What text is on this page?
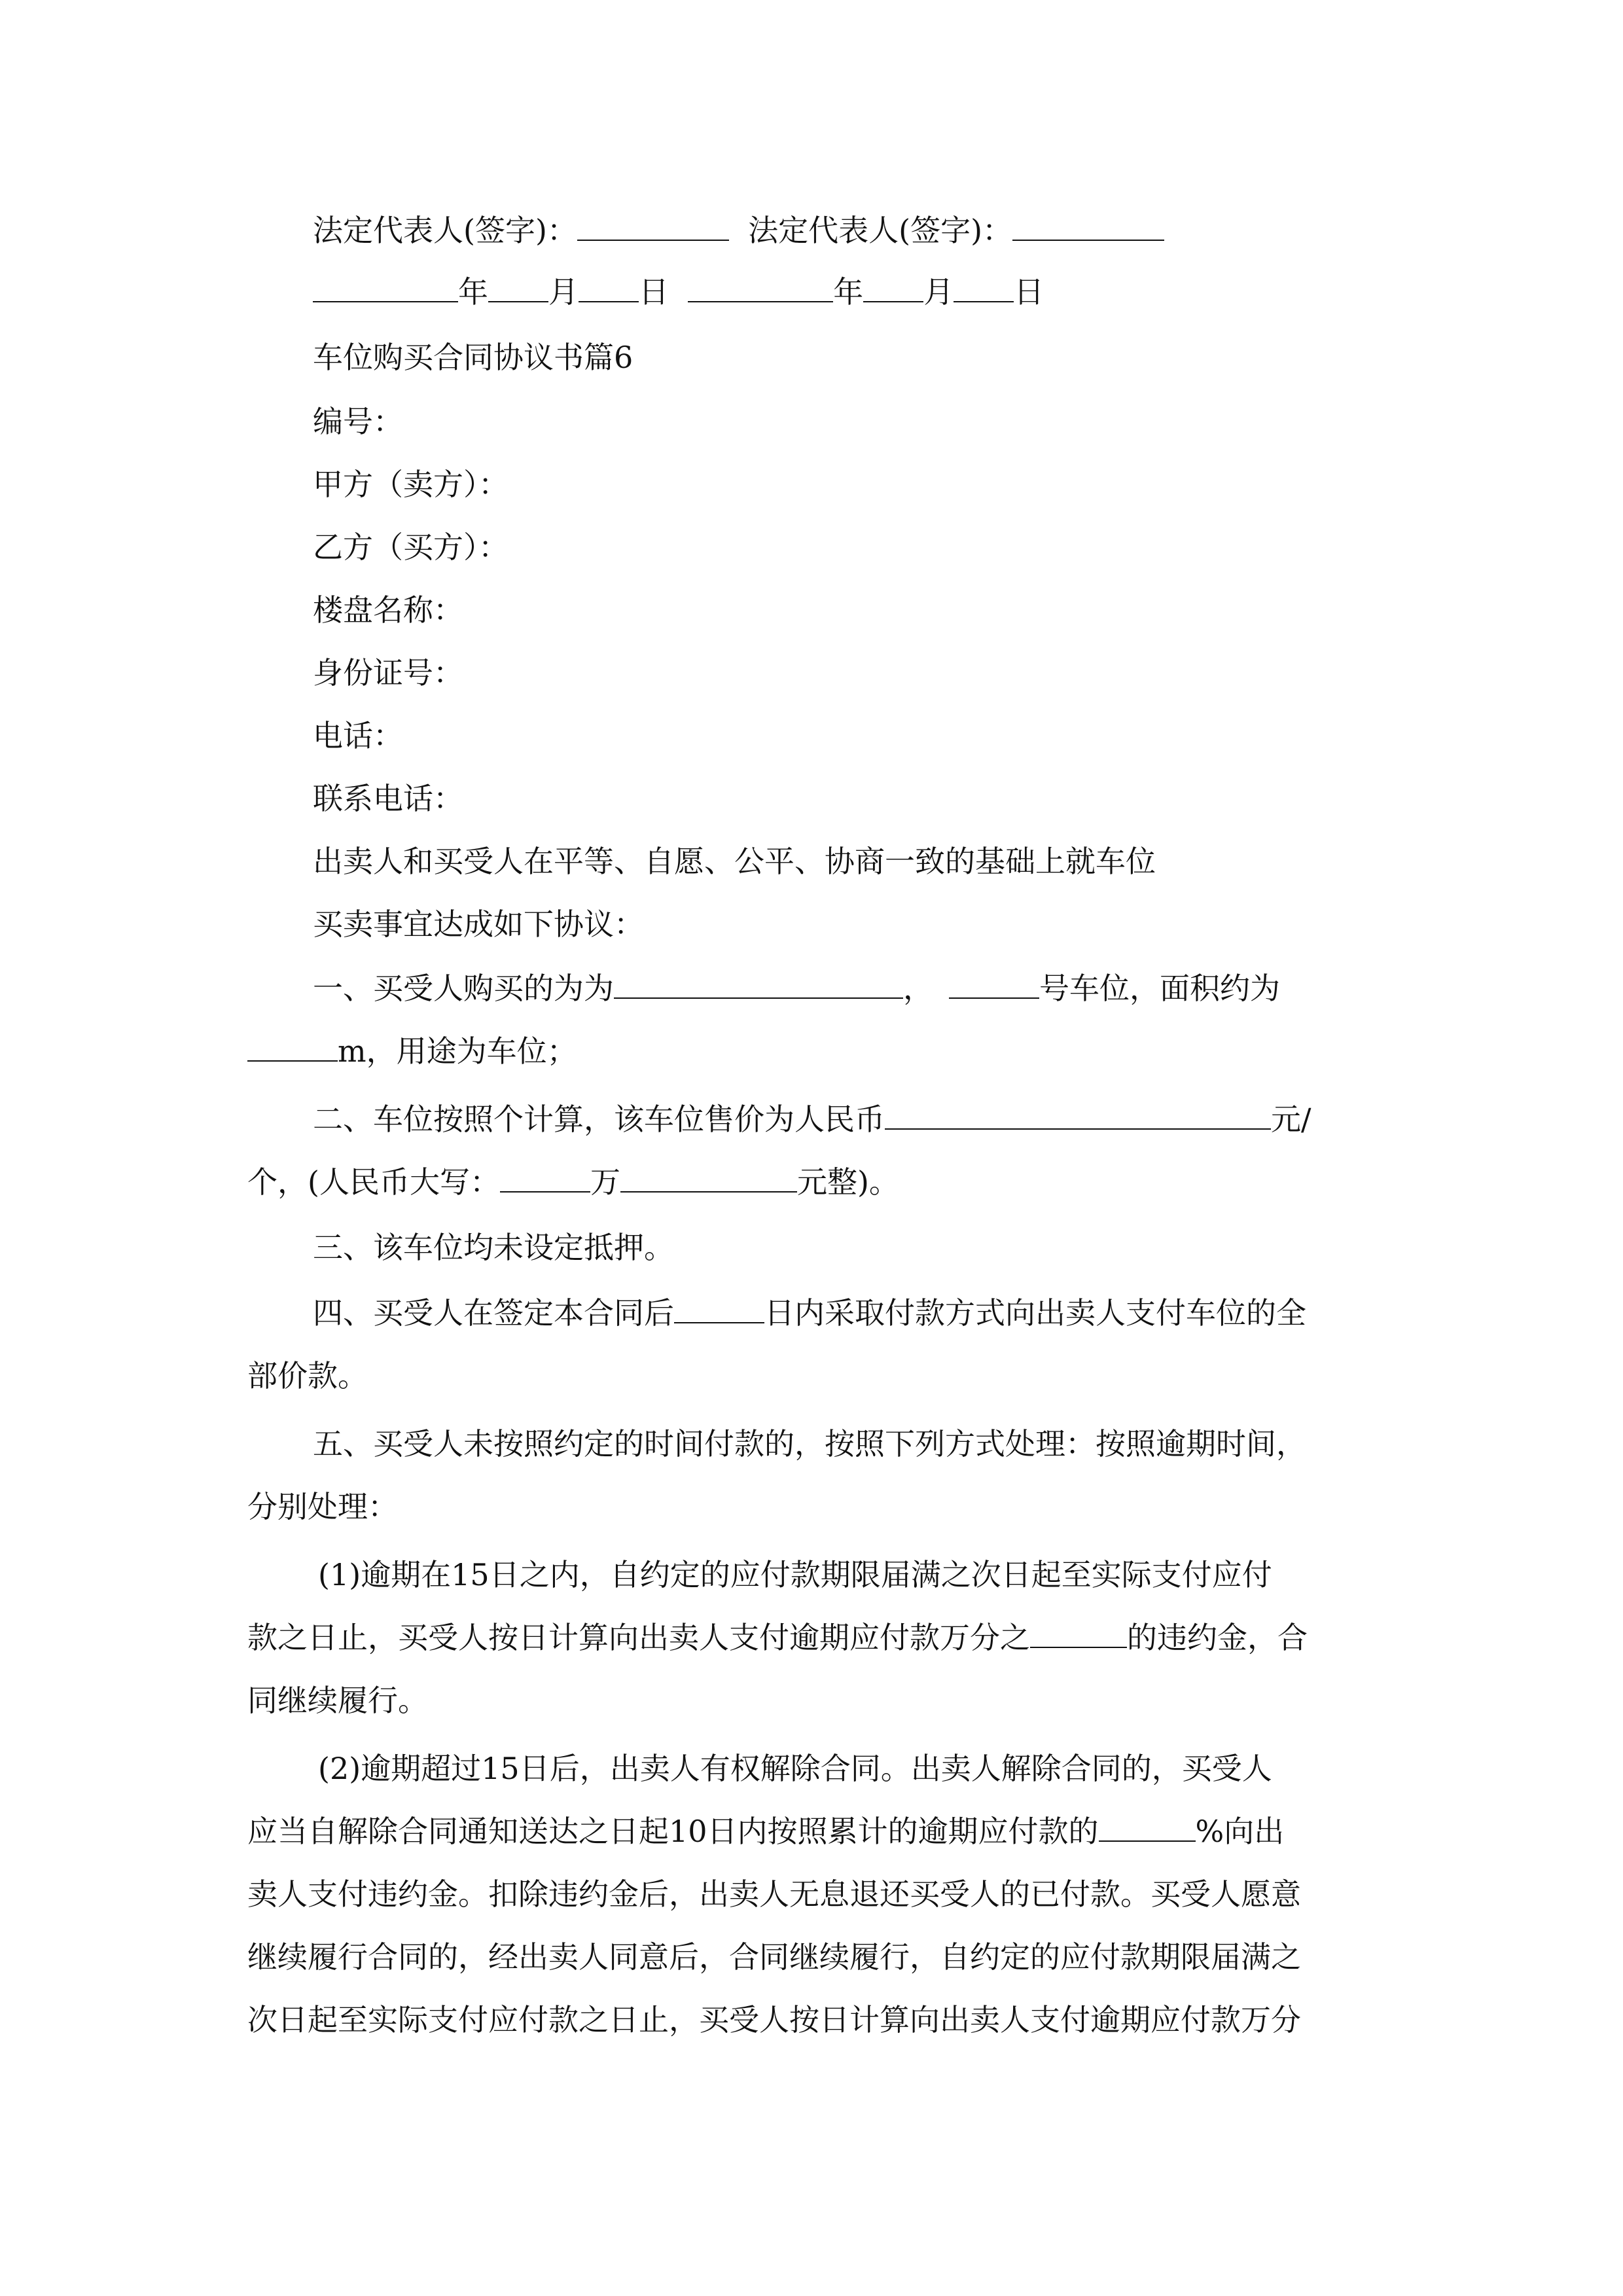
法定代表人(签字)：	法定代表人(签字)：
年 月 日	年 月 日
车位购买合同协议书篇6
编号：
甲方（卖方）：
乙方（买方）：
楼盘名称：
身份证号：
电话：
联系电话：
出卖人和买受人在平等、自愿、公平、协商一致的基础上就车位
买卖事宜达成如下协议：
一、买受人购买的为为	，	号车位，面积约为
m，用途为车位；
二、车位按照个计算，该车位售价为人民币	元/
个，(人民币大写：	万	元整)。
三、该车位均未设定抵押。
四、买受人在签定本合同后	日内采取付款方式向出卖人支付车位的全
部价款。
五、买受人未按照约定的时间付款的，按照下列方式处理：按照逾期时间，
分别处理：
(1)逾期在15日之内，自约定的应付款期限届满之次日起至实际支付应付
款之日止，买受人按日计算向出卖人支付逾期应付款万分之	的违约金，合
同继续履行。
(2)逾期超过15日后，出卖人有权解除合同。出卖人解除合同的，买受人
应当自解除合同通知送达之日起10日内按照累计的逾期应付款的	%向出
卖人支付违约金。扣除违约金后，出卖人无息退还买受人的已付款。买受人愿意
继续履行合同的，经出卖人同意后，合同继续履行，自约定的应付款期限届满之
次日起至实际支付应付款之日止，买受人按日计算向出卖人支付逾期应付款万分
